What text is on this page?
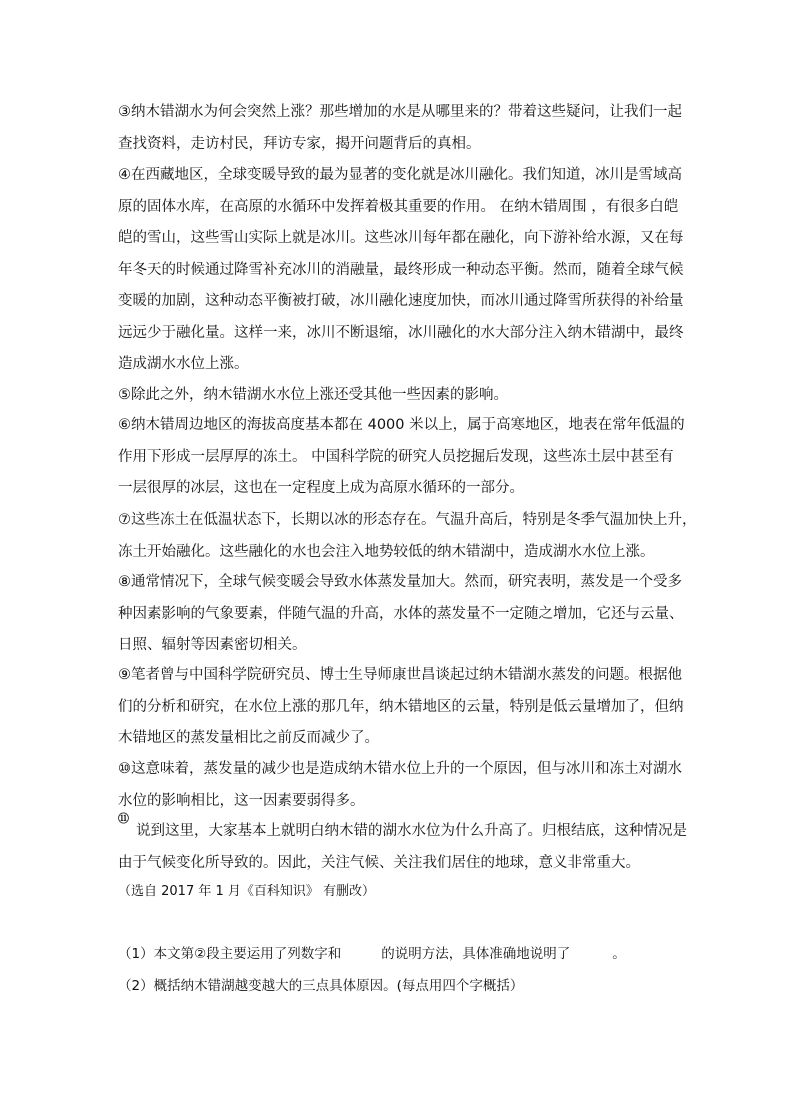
③纳木错湖水为何会突然上涨？那些增加的水是从哪里来的？带着这些疑问，让我们一起
查找资料，走访村民，拜访专家，揭开问题背后的真相。
④在西藏地区，全球变暖导致的最为显著的变化就是冰川融化。我们知道，冰川是雪域高
原的固体水库，在高原的水循环中发挥着极其重要的作用。 在纳木错周围 ，有很多白皑
皑的雪山，这些雪山实际上就是冰川。这些冰川每年都在融化，向下游补给水源，又在每
年冬天的时候通过降雪补充冰川的消融量，最终形成一种动态平衡。然而，随着全球气候
变暖的加剧，这种动态平衡被打破，冰川融化速度加快，而冰川通过降雪所获得的补给量
远远少于融化量。这样一来，冰川不断退缩，冰川融化的水大部分注入纳木错湖中，最终
造成湖水水位上涨。
⑤除此之外，纳木错湖水水位上涨还受其他一些因素的影响。
⑥纳木错周边地区的海拔高度基本都在 4000 米以上，属于高寒地区，地表在常年低温的
作用下形成一层厚厚的冻土。 中国科学院的研究人员挖掘后发现，这些冻土层中甚至有
一层很厚的冰层，这也在一定程度上成为高原水循环的一部分。
⑦这些冻土在低温状态下，长期以冰的形态存在。气温升高后，特别是冬季气温加快上升，
冻土开始融化。这些融化的水也会注入地势较低的纳木错湖中，造成湖水水位上涨。
⑧通常情况下，全球气候变暖会导致水体蒸发量加大。然而，研究表明，蒸发是一个受多
种因素影响的气象要素，伴随气温的升高，水体的蒸发量不一定随之增加，它还与云量、
日照、辐射等因素密切相关。
⑨笔者曾与中国科学院研究员、博士生导师康世昌谈起过纳木错湖水蒸发的问题。根据他
们的分析和研究，在水位上涨的那几年，纳木错地区的云量，特别是低云量增加了，但纳
木错地区的蒸发量相比之前反而减少了。
⑩这意味着，蒸发量的减少也是造成纳木错水位上升的一个原因，但与冰川和冻土对湖水
水位的影响相比，这一因素要弱得多。
⑪
说到这里，大家基本上就明白纳木错的湖水水位为什么升高了。归根结底，这种情况是
由于气候变化所导致的。因此，关注气候、关注我们居住的地球，意义非常重大。
（选自 2017 年 1 月《百科知识》 有删改）
（1）本文第②段主要运用了列数字和	的说明方法，具体准确地说明了	。
（2）概括纳木错湖越变越大的三点具体原因。(每点用四个字概括）
